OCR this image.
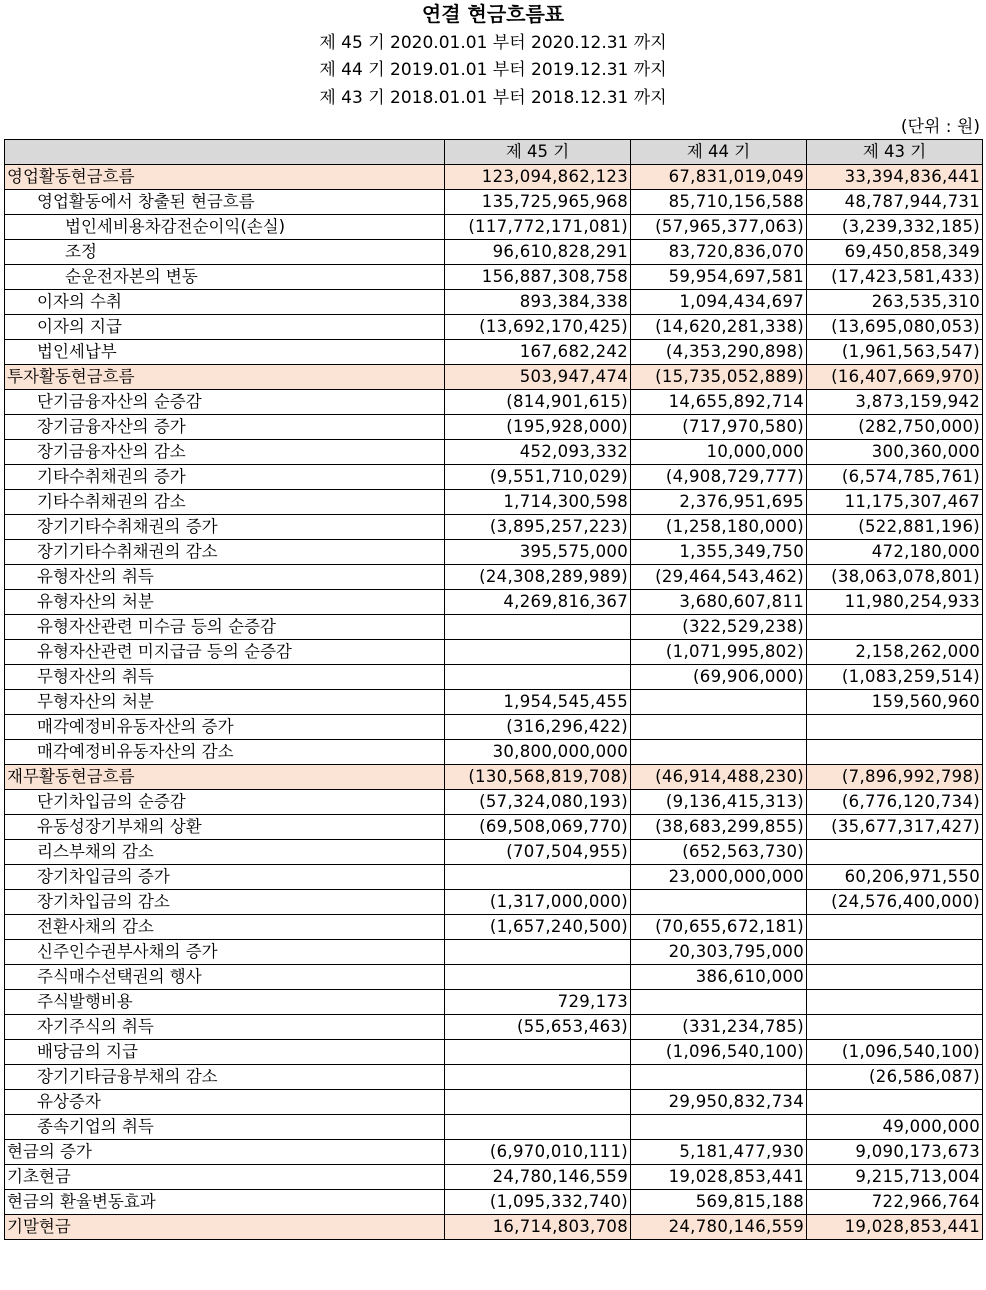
연결 현금흐름표
제 45 기 2020.01.01 부터 2020.12.31 까지
제 44 기 2019.01.01 부터 2019.12.31 까지
제 43 기 2018.01.01 부터 2018.12.31 까지
(단위 : 원)
	제 45 기	제 44 기	제 43 기
영업활동현금흐름	123,094,862,123	67,831,019,049	33,394,836,441
영업활동에서 창출된 현금흐름	135,725,965,968	85,710,156,588	48,787,944,731
법인세비용차감전순이익(손실)	(117,772,171,081)	(57,965,377,063)	(3,239,332,185)
조정	96,610,828,291	83,720,836,070	69,450,858,349
순운전자본의 변동	156,887,308,758	59,954,697,581	(17,423,581,433)
이자의 수취	893,384,338	1,094,434,697	263,535,310
이자의 지급	(13,692,170,425)	(14,620,281,338)	(13,695,080,053)
법인세납부	167,682,242	(4,353,290,898)	(1,961,563,547)
투자활동현금흐름	503,947,474	(15,735,052,889)	(16,407,669,970)
단기금융자산의 순증감	(814,901,615)	14,655,892,714	3,873,159,942
장기금융자산의 증가	(195,928,000)	(717,970,580)	(282,750,000)
장기금융자산의 감소	452,093,332	10,000,000	300,360,000
기타수취채권의 증가	(9,551,710,029)	(4,908,729,777)	(6,574,785,761)
기타수취채권의 감소	1,714,300,598	2,376,951,695	11,175,307,467
장기기타수취채권의 증가	(3,895,257,223)	(1,258,180,000)	(522,881,196)
장기기타수취채권의 감소	395,575,000	1,355,349,750	472,180,000
유형자산의 취득	(24,308,289,989)	(29,464,543,462)	(38,063,078,801)
유형자산의 처분	4,269,816,367	3,680,607,811	11,980,254,933
유형자산관련 미수금 등의 순증감		(322,529,238)	
유형자산관련 미지급금 등의 순증감		(1,071,995,802)	2,158,262,000
무형자산의 취득		(69,906,000)	(1,083,259,514)
무형자산의 처분	1,954,545,455		159,560,960
매각예정비유동자산의 증가	(316,296,422)		
매각예정비유동자산의 감소	30,800,000,000		
재무활동현금흐름	(130,568,819,708)	(46,914,488,230)	(7,896,992,798)
단기차입금의 순증감	(57,324,080,193)	(9,136,415,313)	(6,776,120,734)
유동성장기부채의 상환	(69,508,069,770)	(38,683,299,855)	(35,677,317,427)
리스부채의 감소	(707,504,955)	(652,563,730)	
장기차입금의 증가		23,000,000,000	60,206,971,550
장기차입금의 감소	(1,317,000,000)		(24,576,400,000)
전환사채의 감소	(1,657,240,500)	(70,655,672,181)	
신주인수권부사채의 증가		20,303,795,000	
주식매수선택권의 행사		386,610,000	
주식발행비용	729,173		
자기주식의 취득	(55,653,463)	(331,234,785)	
배당금의 지급		(1,096,540,100)	(1,096,540,100)
장기기타금융부채의 감소			(26,586,087)
유상증자		29,950,832,734	
종속기업의 취득			49,000,000
현금의 증가	(6,970,010,111)	5,181,477,930	9,090,173,673
기초현금	24,780,146,559	19,028,853,441	9,215,713,004
현금의 환율변동효과	(1,095,332,740)	569,815,188	722,966,764
기말현금	16,714,803,708	24,780,146,559	19,028,853,441
